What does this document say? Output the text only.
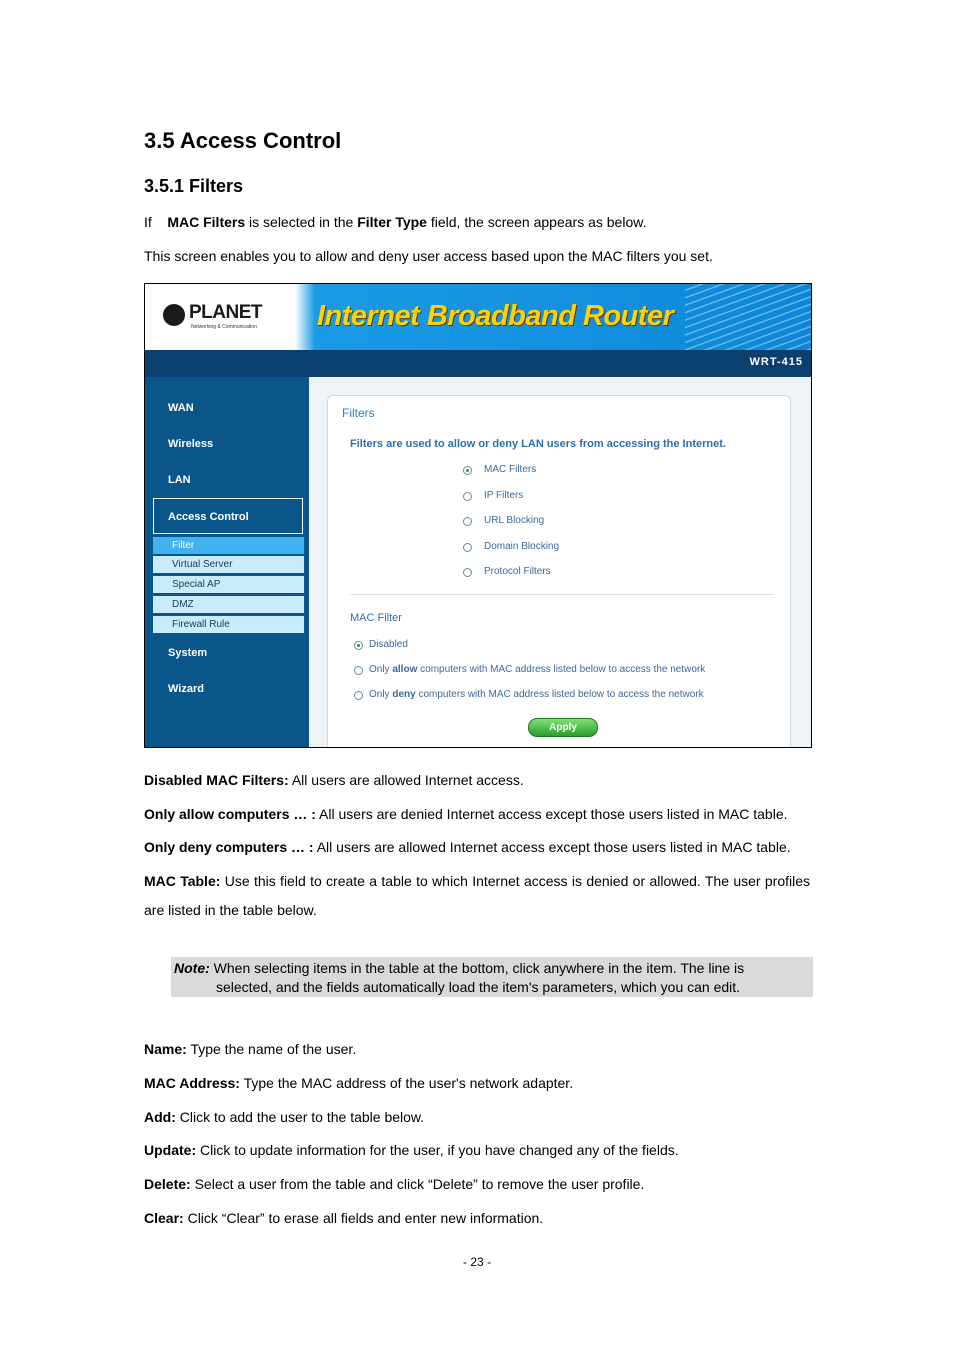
3.5 Access Control
3.5.1 Filters
If MAC Filters is selected in the Filter Type field, the screen appears as below.
This screen enables you to allow and deny user access based upon the MAC filters you set.
PLANET
Networking & Communication Internet Broadband Router
WRT-415
WAN
Wireless
LAN
Access Control
Filter
Virtual Server
Special AP
DMZ
Firewall Rule
System
Wizard
Filters
Filters are used to allow or deny LAN users from accessing the Internet.
MAC Filters
IP Filters
URL Blocking
Domain Blocking
Protocol Filters
MAC Filter
Disabled
Only allow computers with MAC address listed below to access the network
Only deny computers with MAC address listed below to access the network
Apply
Disabled MAC Filters: All users are allowed Internet access.
Only allow computers … : All users are denied Internet access except those users listed in MAC table.
Only deny computers … : All users are allowed Internet access except those users listed in MAC table.
MAC Table: Use this field to create a table to which Internet access is denied or allowed. The user profiles are listed in the table below.
Note: When selecting items in the table at the bottom, click anywhere in the item. The line is
selected, and the fields automatically load the item's parameters, which you can edit.
Name: Type the name of the user.
MAC Address: Type the MAC address of the user's network adapter.
Add: Click to add the user to the table below.
Update: Click to update information for the user, if you have changed any of the fields.
Delete: Select a user from the table and click “Delete” to remove the user profile.
Clear: Click “Clear” to erase all fields and enter new information.
- 23 -
